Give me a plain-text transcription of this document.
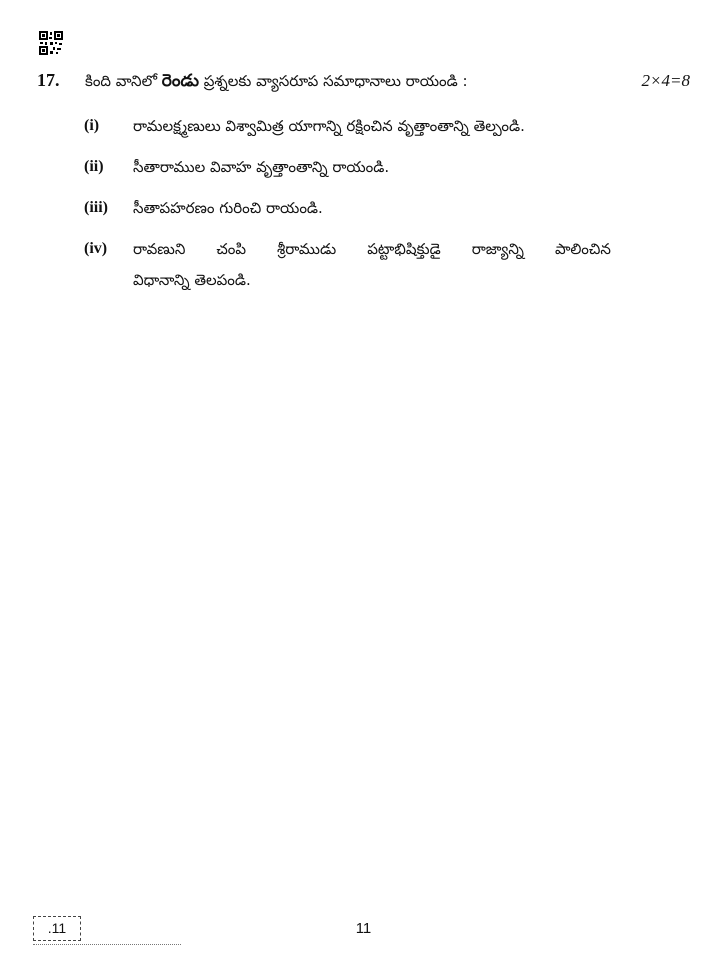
17. కింది వానిలో రెండు ప్రశ్నలకు వ్యాసరూప సమాధానాలు రాయండి :	2×4=8
(i) రామలక్ష్మణులు విశ్వామిత్ర యాగాన్ని రక్షించిన వృత్తాంతాన్ని తెల్పండి.
(ii) సీతారాముల వివాహ వృత్తాంతాన్ని రాయండి.
(iii) సీతాపహరణం గురించి రాయండి.
(iv) రావణుని చంపి శ్రీరాముడు పట్టాభిషిక్తుడై రాజ్యాన్ని పాలించిన
విధానాన్ని తెలపండి.
.11	11
